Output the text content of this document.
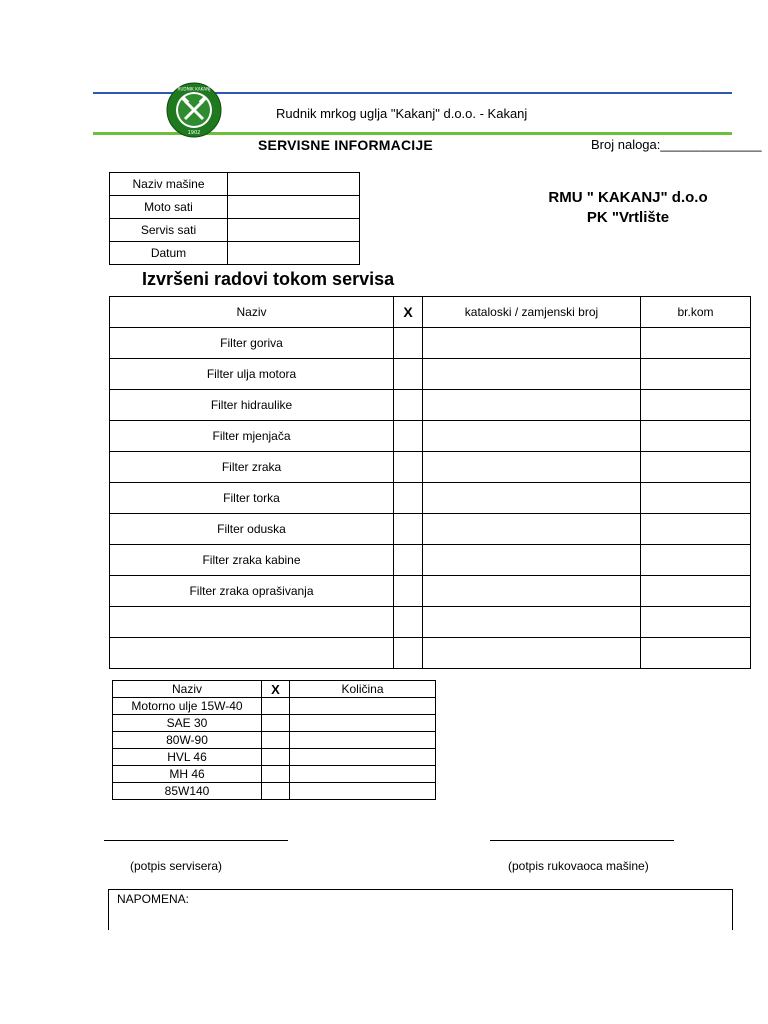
RUDNIK KAKANJ
1902
Rudnik mrkog uglja "Kakanj" d.o.o. - Kakanj
SERVISNE INFORMACIJE	Broj naloga:______________
RMU " KAKANJ" d.o.o
PK "Vrtlište
Naziv mašine	
Moto sati	
Servis sati	
Datum	
Izvršeni radovi tokom servisa
Naziv	X	kataloski / zamjenski broj	br.kom
Filter goriva			
Filter ulja motora			
Filter hidraulike			
Filter mjenjača			
Filter zraka			
Filter torka			
Filter oduska			
Filter zraka kabine			
Filter zraka oprašivanja			

Naziv	X	Količina
Motorno ulje 15W-40		
SAE 30		
80W-90		
HVL 46		
MH 46		
85W140		
(potpis servisera)	(potpis rukovaoca mašine)
NAPOMENA:
